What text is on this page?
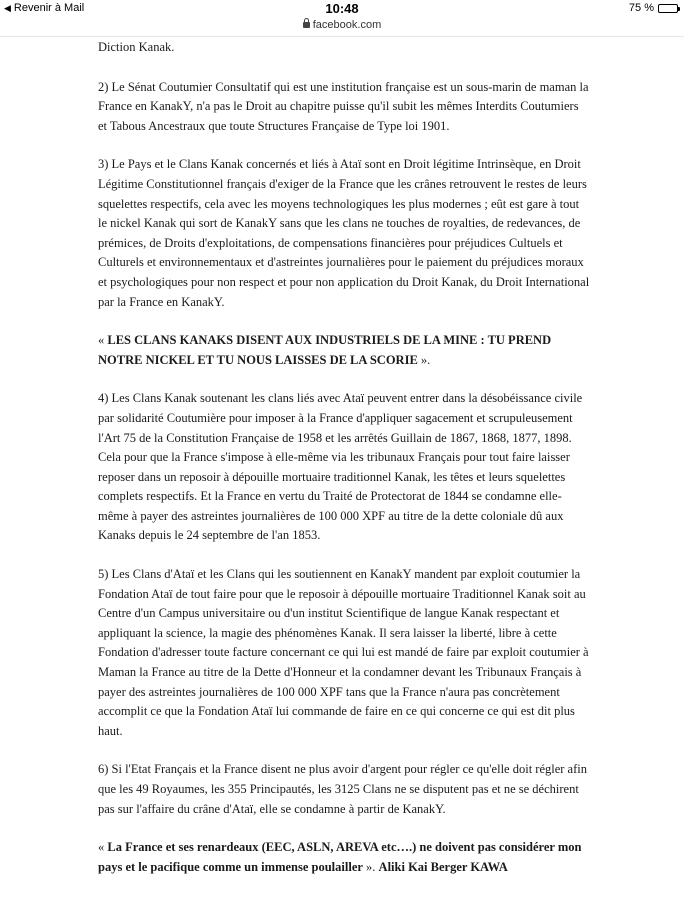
◀ Revenir à Mail	10:48
facebook.com
75 %

Diction Kanak.

2) Le Sénat Coutumier Consultatif qui est une institution française est un sous-marin de maman la France en KanakY, n'a pas le Droit au chapitre puisse qu'il subit les mêmes Interdits Coutumiers et Tabous Ancestraux que toute Structures Française de Type loi 1901.

3) Le Pays et le Clans Kanak concernés et liés à Ataï sont en Droit légitime Intrinsèque, en Droit Légitime Constitutionnel français d'exiger de la France que les crânes retrouvent le restes de leurs squelettes respectifs, cela avec les moyens technologiques les plus modernes ; eût est gare à tout le nickel Kanak qui sort de KanakY sans que les clans ne touches de royalties, de redevances, de prémices, de Droits d'exploitations, de compensations financières pour préjudices Cultuels et Culturels et environnementaux et d'astreintes journalières pour le paiement du préjudices moraux et psychologiques pour non respect et pour non application du Droit Kanak, du Droit International par la France en KanakY.

« LES CLANS KANAKS DISENT AUX INDUSTRIELS DE LA MINE : TU PREND NOTRE NICKEL ET TU NOUS LAISSES DE LA SCORIE ».

4) Les Clans Kanak soutenant les clans liés avec Ataï peuvent entrer dans la désobéissance civile par solidarité Coutumière pour imposer à la France d'appliquer sagacement et scrupuleusement l'Art 75 de la Constitution Française de 1958 et les arrêtés Guillain de 1867, 1868, 1877, 1898. Cela pour que la France s'impose à elle-même via les tribunaux Français pour tout faire laisser reposer dans un reposoir à dépouille mortuaire traditionnel Kanak, les têtes et leurs squelettes complets respectifs. Et la France en vertu du Traité de Protectorat de 1844 se condamne elle-même à payer des astreintes journalières de 100 000 XPF au titre de la dette coloniale dû aux Kanaks depuis le 24 septembre de l'an 1853.

5) Les Clans d'Ataï et les Clans qui les soutiennent en KanakY mandent par exploit coutumier la Fondation Ataï de tout faire pour que le reposoir à dépouille mortuaire Traditionnel Kanak soit au Centre d'un Campus universitaire ou d'un institut Scientifique de langue Kanak respectant et appliquant la science, la magie des phénomènes Kanak. Il sera laisser la liberté, libre à cette Fondation d'adresser toute facture concernant ce qui lui est mandé de faire par exploit coutumier à Maman la France au titre de la Dette d'Honneur et la condamner devant les Tribunaux Français à payer des astreintes journalières de 100 000 XPF tans que la France n'aura pas concrètement accomplit ce que la Fondation Ataï lui commande de faire en ce qui concerne ce qui est dit plus haut.

6) Si l'Etat Français et la France disent ne plus avoir d'argent pour régler ce qu'elle doit régler afin que les 49 Royaumes, les 355 Principautés, les 3125 Clans ne se disputent pas et ne se déchirent pas sur l'affaire du crâne d'Ataï, elle se condamne à partir de KanakY.

« La France et ses renardeaux (EEC, ASLN, AREVA etc….) ne doivent pas considérer mon pays et le pacifique comme un immense poulailler ». Aliki Kai Berger KAWA
